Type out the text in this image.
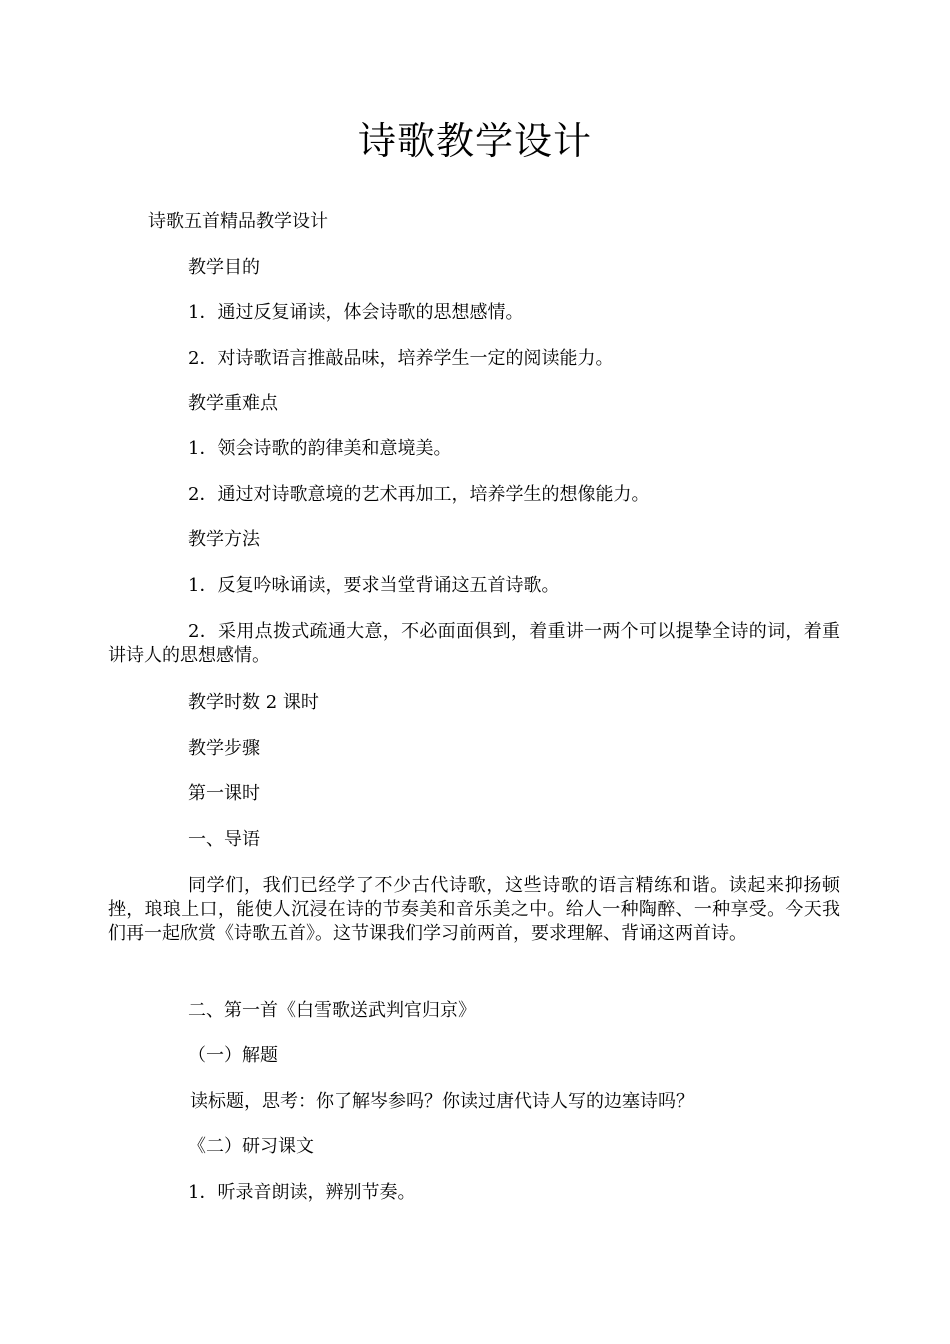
诗歌教学设计

诗歌五首精品教学设计

教学目的

1．通过反复诵读，体会诗歌的思想感情。

2．对诗歌语言推敲品味，培养学生一定的阅读能力。

教学重难点

1．领会诗歌的韵律美和意境美。

2．通过对诗歌意境的艺术再加工，培养学生的想像能力。

教学方法

1．反复吟咏诵读，要求当堂背诵这五首诗歌。

2．采用点拨式疏通大意，不必面面俱到，着重讲一两个可以提挚全诗的词，着重讲诗人的思想感情。

教学时数 2 课时

教学步骤

第一课时

一、导语

同学们，我们已经学了不少古代诗歌，这些诗歌的语言精练和谐。读起来抑扬顿挫，琅琅上口，能使人沉浸在诗的节奏美和音乐美之中。给人一种陶醉、一种享受。今天我们再一起欣赏《诗歌五首》。这节课我们学习前两首，要求理解、背诵这两首诗。

二、第一首《白雪歌送武判官归京》

（一）解题

读标题，思考：你了解岑参吗？你读过唐代诗人写的边塞诗吗？

《二）研习课文

1．听录音朗读，辨别节奏。
